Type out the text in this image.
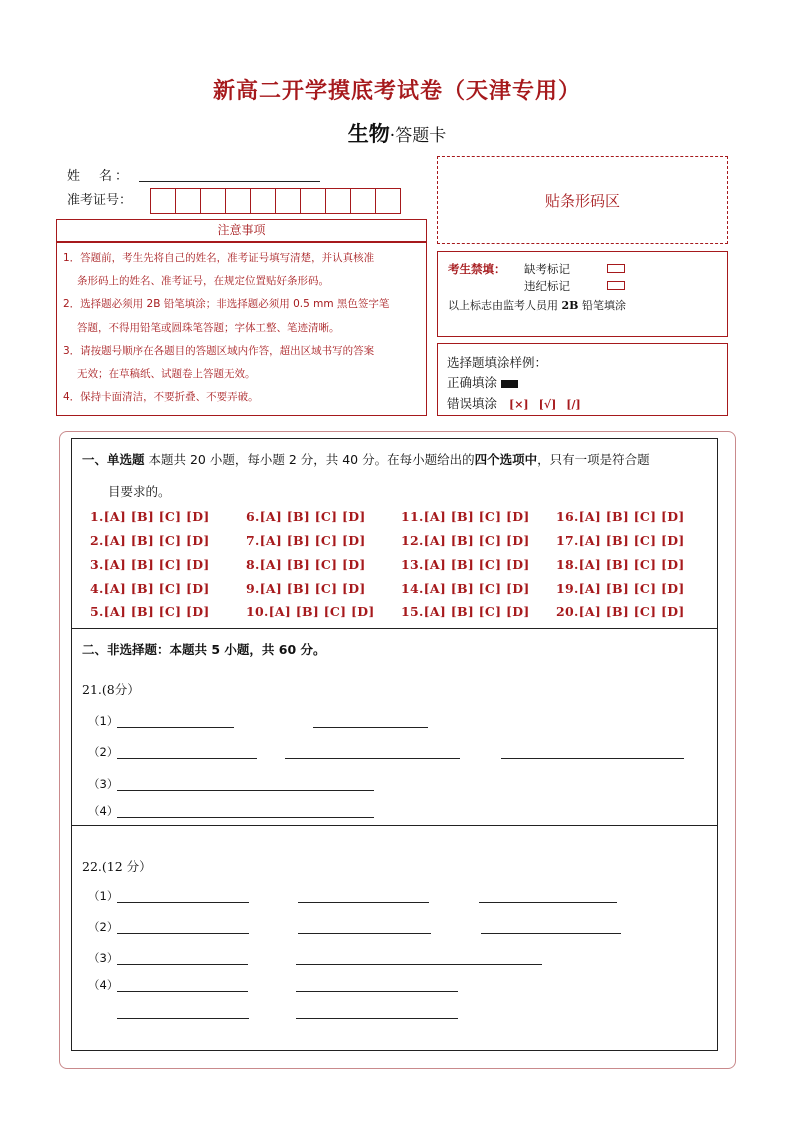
新高二开学摸底考试卷（天津专用）
生物·答题卡
姓　名：
准考证号：	贴条形码区
注意事项

1．答题前，考生先将自己的姓名，准考证号填写清楚，并认真核准

条形码上的姓名、准考证号，在规定位置贴好条形码。

2．选择题必须用 2B 铅笔填涂；非选择题必须用 0.5 mm 黑色签字笔

答题，不得用铅笔或圆珠笔答题；字体工整、笔迹清晰。

3．请按题号顺序在各题目的答题区域内作答，超出区域书写的答案

无效；在草稿纸、试题卷上答题无效。

4．保持卡面清洁，不要折叠、不要弄破。

考生禁填： 缺考标记
违纪标记
以上标志由监考人员用 2B 铅笔填涂
选择题填涂样例：
正确填涂
错误填涂 [×] [√] [/]
一、单选题 本题共 20 小题，每小题 2 分，共 40 分。在每小题给出的四个选项中，只有一项是符合题
目要求的。
1.[A] [B] [C] [D]
2.[A] [B] [C] [D]
3.[A] [B] [C] [D]
4.[A] [B] [C] [D]
5.[A] [B] [C] [D]
6.[A] [B] [C] [D]
7.[A] [B] [C] [D]
8.[A] [B] [C] [D]
9.[A] [B] [C] [D]
10.[A] [B] [C] [D]
11.[A] [B] [C] [D]
12.[A] [B] [C] [D]
13.[A] [B] [C] [D]
14.[A] [B] [C] [D]
15.[A] [B] [C] [D]
16.[A] [B] [C] [D]
17.[A] [B] [C] [D]
18.[A] [B] [C] [D]
19.[A] [B] [C] [D]
20.[A] [B] [C] [D]
二、非选择题：本题共 5 小题，共 60 分。
21.(8分）
（1）
（2）
（3）
（4）
22.(12 分）
（1）
（2）
（3）
（4）
